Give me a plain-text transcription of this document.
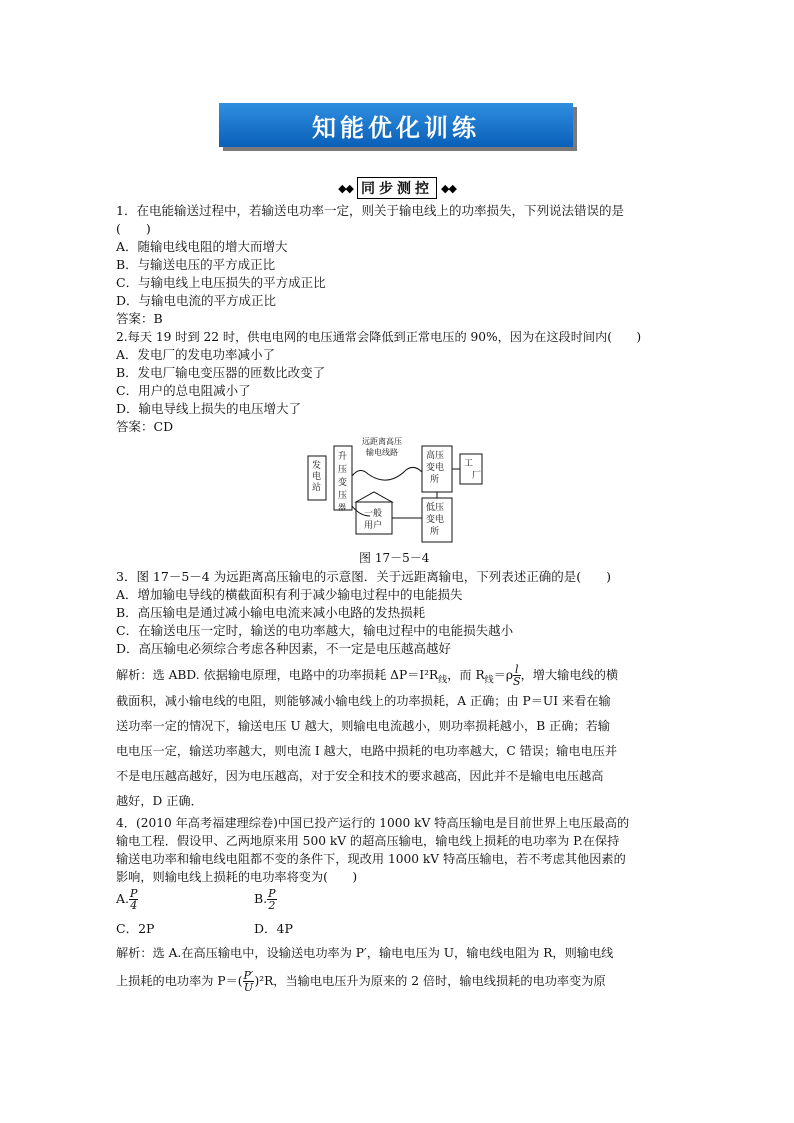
知能优化训练
◆◆ 同步测控 ◆◆
1．在电能输送过程中，若输送电功率一定，则关于输电线上的功率损失，下列说法错误的是
(　　)
A．随输电线电阻的增大而增大
B．与输送电压的平方成正比
C．与输电线上电压损失的平方成正比
D．与输电电流的平方成正比
答案：B
2.每天 19 时到 22 时，供电电网的电压通常会降低到正常电压的 90%，因为在这段时间内(　　)
A．发电厂的发电功率减小了
B．发电厂输电变压器的匝数比改变了
C．用户的总电阻减小了
D．输电导线上损失的电压增大了
答案：CD
发
电
站
升
压
变
压
器
远距离高压
输电线路	高压
变电
所
工
厂
一般
用户
低压
变电
所
图 17－5－4
3．图 17－5－4 为远距离高压输电的示意图．关于远距离输电，下列表述正确的是(　　)
A．增加输电导线的横截面积有利于减少输电过程中的电能损失
B．高压输电是通过减小输电电流来减小电路的发热损耗
C．在输送电压一定时，输送的电功率越大，输电过程中的电能损失越小
D．高压输电必须综合考虑各种因素，不一定是电压越高越好
解析：选 ABD. 依据输电原理，电路中的功率损耗 $\Delta P=I^2R_线$，而 $R_线=\rho \frac{l}{S}$ ，增大输电线的横
截面积，减小输电线的电阻，则能够减小输电线上的功率损耗，A 正确；由 P＝UI 来看在输
送功率一定的情况下，输送电压 U 越大，则输电电流越小，则功率损耗越小，B 正确；若输
电电压一定，输送功率越大，则电流 I 越大，电路中损耗的电功率越大，C 错误；输电电压并
不是电压越高越好，因为电压越高，对于安全和技术的要求越高，因此并不是输电电压越高
越好，D 正确．
4．(2010 年高考福建理综卷)中国已投产运行的 1000 kV 特高压输电是目前世界上电压最高的
输电工程．假设甲、乙两地原来用 500 kV 的超高压输电，输电线上损耗的电功率为 P.在保持
输送电功率和输电线电阻都不变的条件下，现改用 1000 kV 特高压输电，若不考虑其他因素的
影响，则输电线上损耗的电功率将变为(　　)
A. $\frac{P}{4}$	B. $\frac{P}{2}$
C．2P	D．4P
解析：选 A.在高压输电中，设输送电功率为 P′，输电电压为 U，输电线电阻为 R，则输电线
上损耗的电功率为 $P=( \frac{P'}{U} )^2R$，当输电电压升为原来的 2 倍时，输电线损耗的电功率变为原
